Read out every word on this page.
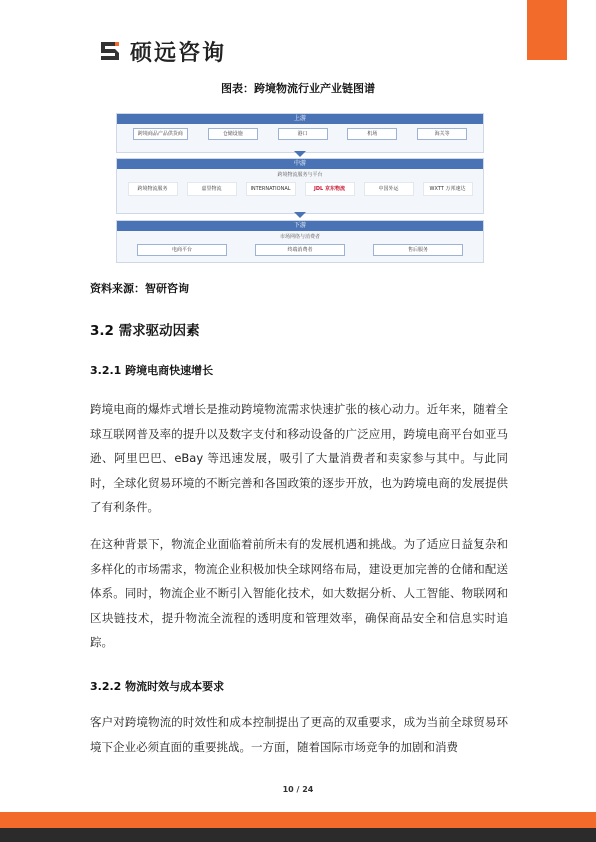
硕远咨询
图表：跨境物流行业产业链图谱
上游
跨境商品产品供货商	仓储设施	港口	机场	海关等
中游
跨境物流服务与平台
跨境物流服务	嘉里物流	INTERNATIONAL	JDL 京东物流	中国外运	WXTT 万邦速达
下游
市场网络与消费者
电商平台	终端消费者	售后服务
资料来源：智研咨询
3.2 需求驱动因素
3.2.1 跨境电商快速增长
跨境电商的爆炸式增长是推动跨境物流需求快速扩张的核心动力。近年来，随着全球互联网普及率的提升以及数字支付和移动设备的广泛应用，跨境电商平台如亚马逊、阿里巴巴、eBay 等迅速发展，吸引了大量消费者和卖家参与其中。与此同时，全球化贸易环境的不断完善和各国政策的逐步开放，也为跨境电商的发展提供了有利条件。
在这种背景下，物流企业面临着前所未有的发展机遇和挑战。为了适应日益复杂和多样化的市场需求，物流企业积极加快全球网络布局，建设更加完善的仓储和配送体系。同时，物流企业不断引入智能化技术，如大数据分析、人工智能、物联网和区块链技术，提升物流全流程的透明度和管理效率，确保商品安全和信息实时追踪。
3.2.2 物流时效与成本要求
客户对跨境物流的时效性和成本控制提出了更高的双重要求，成为当前全球贸易环境下企业必须直面的重要挑战。一方面，随着国际市场竞争的加剧和消费
10 / 24
